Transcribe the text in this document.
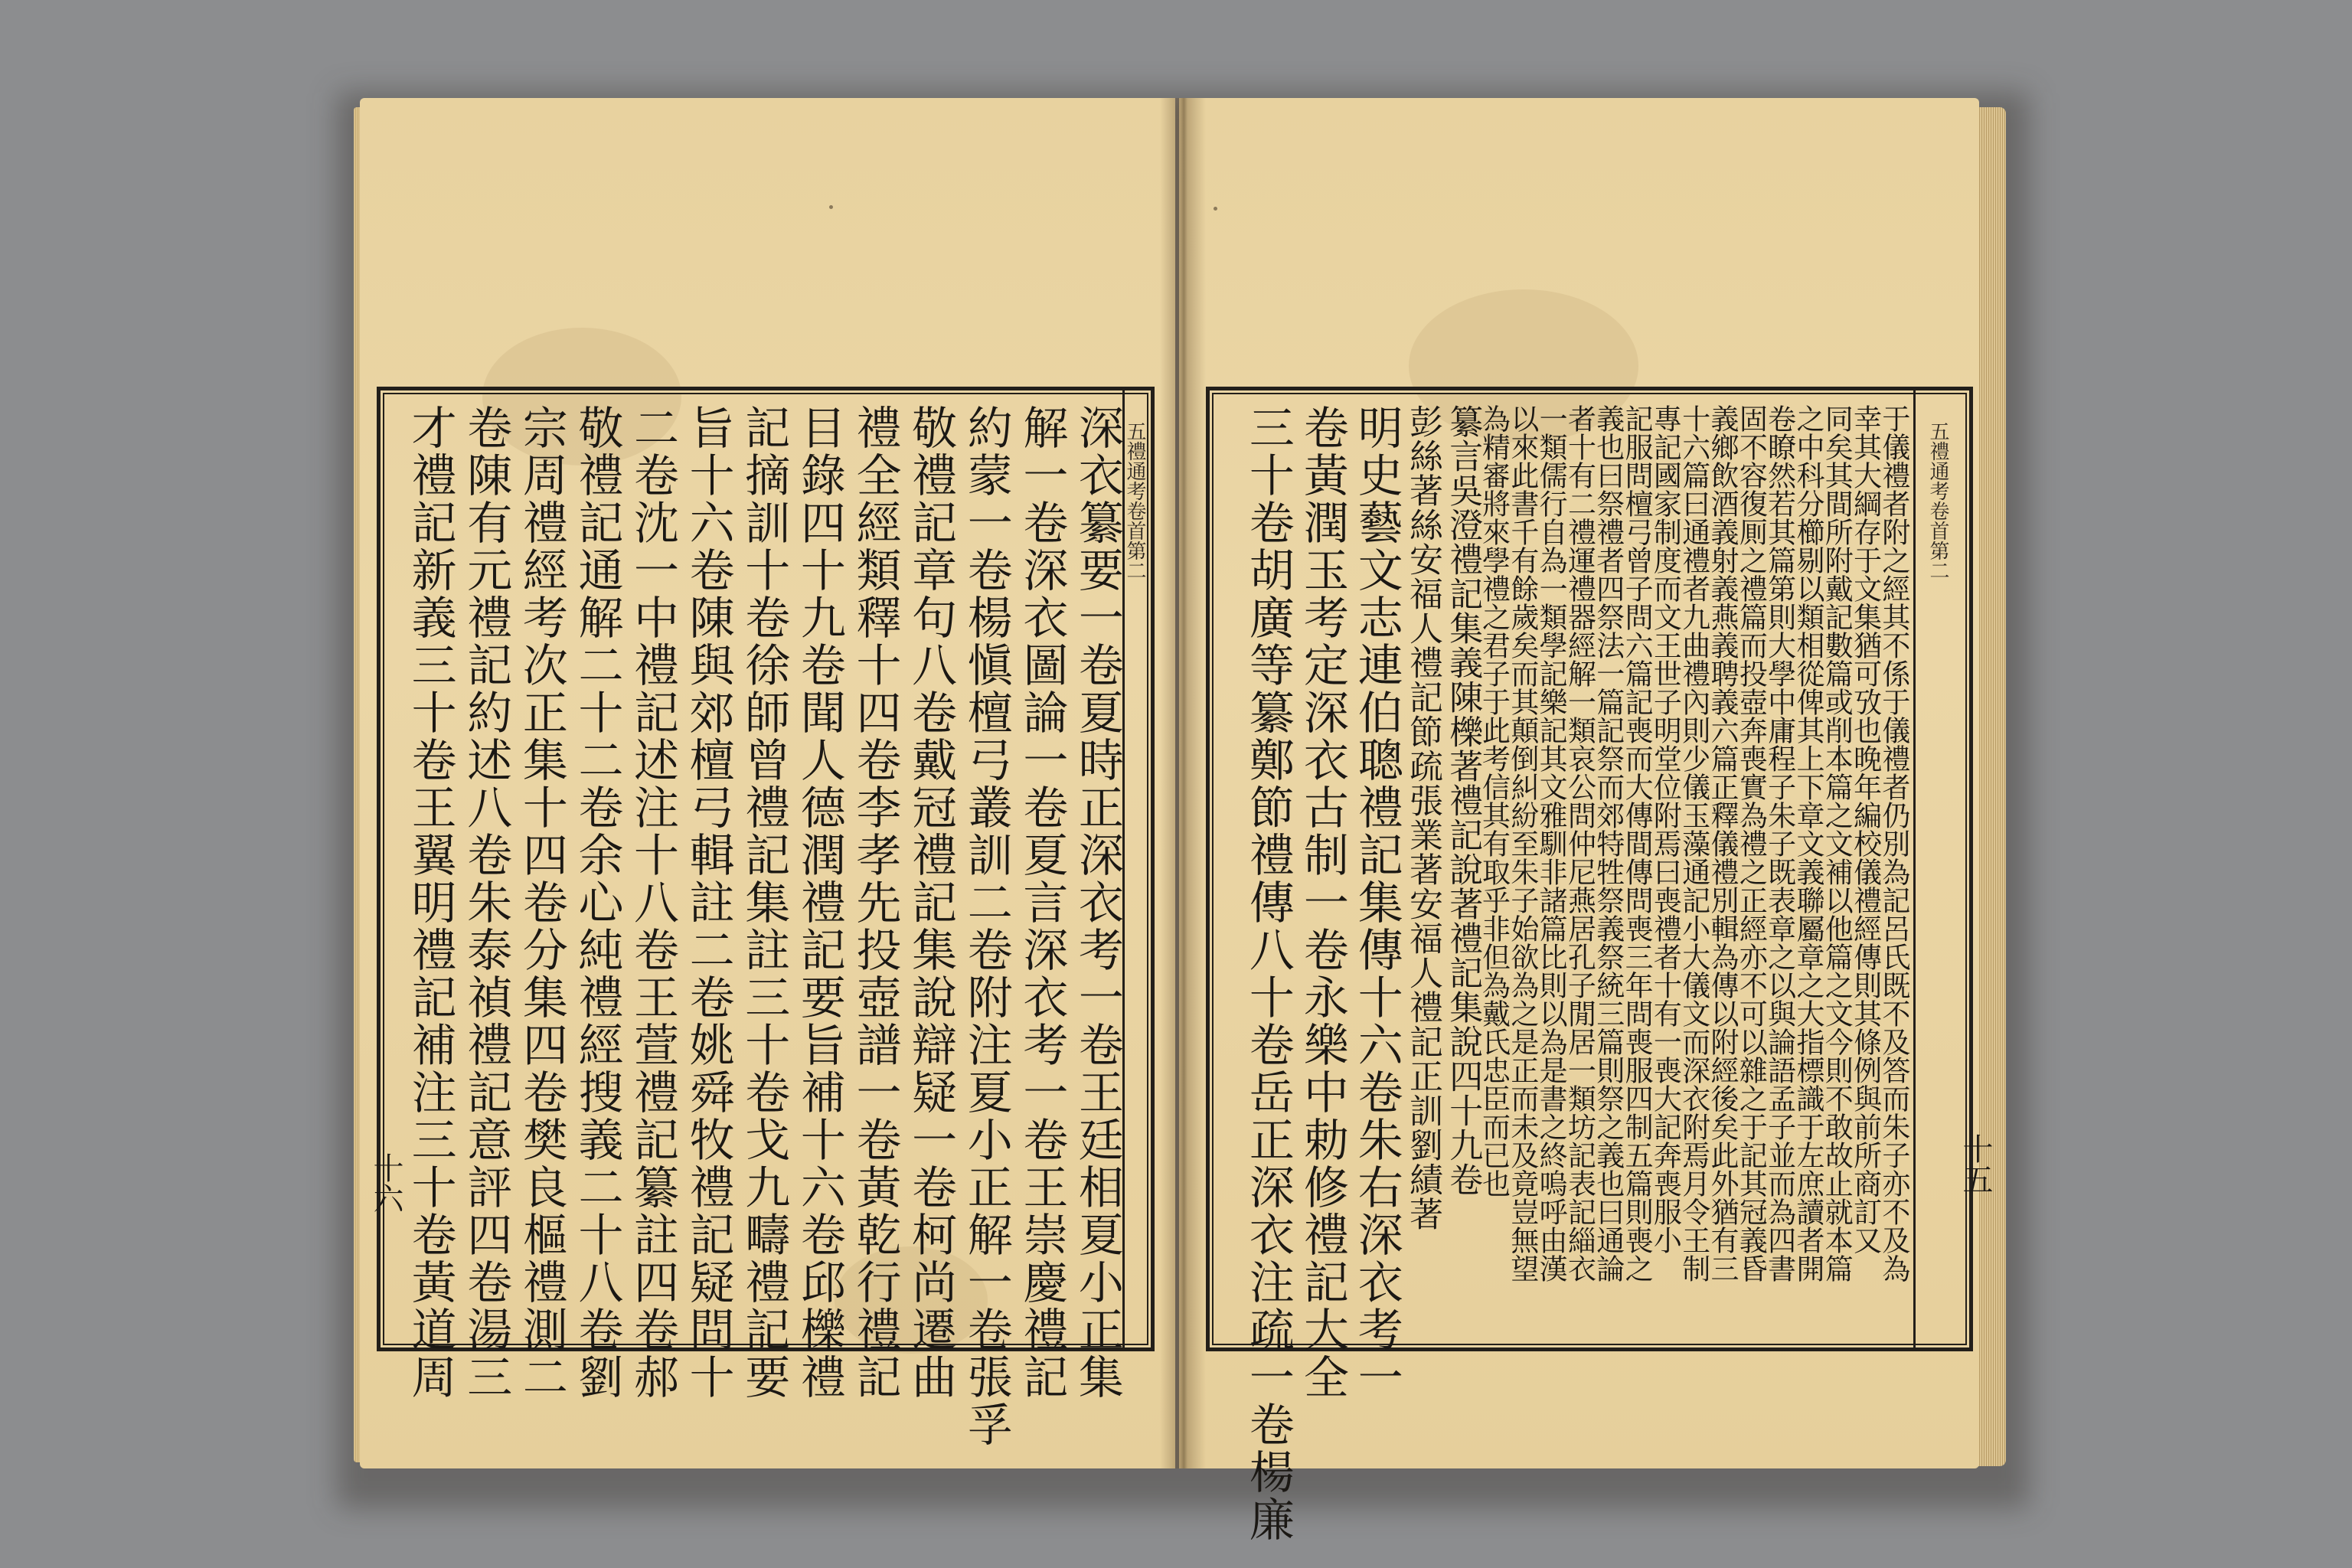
深衣纂要一卷夏時正深衣考一卷王廷相夏小正集
解一卷深衣圖論一卷夏言深衣考一卷王崇慶禮記
約蒙一卷楊愼檀弓叢訓二卷附注夏小正解一卷張孚
敬禮記章句八卷戴冠禮記集說辯疑一卷柯尚遷曲
禮全經類釋十四卷李孝先投壺譜一卷黃乾行禮記
目錄四十九卷聞人德潤禮記要旨補十六卷邱櫟禮
記摘訓十卷徐師曾禮記集註三十卷戈九疇禮記要
旨十六卷陳與郊檀弓輯註二卷姚舜牧禮記疑問十
二卷沈一中禮記述注十八卷王萱禮記纂註四卷郝
敬禮記通解二十二卷余心純禮經搜義二十八卷劉
宗周禮經考次正集十四卷分集四卷樊良樞禮測二
卷陳有元禮記約述八卷朱泰禎禮記意評四卷湯三
才禮記新義三十卷王翼明禮記補注三十卷黃道周	五禮通考卷首第二
十六	于儀禮者附之經其不係于儀禮者仍別為記呂氏既不及答而朱子亦不及為
幸其大綱存于文集猶可攷也晚年編校儀禮經傳則其條例與前所商訂又
同矣其間所附戴記數篇或削本篇之文補以他篇之文今則不敢故止就本篇
之中科分櫛剔以類相從俾其上下章文義聯屬章之大指標識于左庶讀者開
卷瞭然若其篇第則大學中庸程子朱子既表章之以與論語孟子並而為四書
固不容復厠之禮篇而投壺奔喪實為禮之正經亦不可以雜之于記其冠義昏
義鄉飲酒義射義燕義聘義六篇正釋儀禮別輯為傳以附經後矣此外猶有三
十六篇曰通禮者九曲禮內則少儀玉藻通記小大儀文而深衣附焉月令王制
專記國家制度而文王世子明堂位附焉曰喪禮者十有一喪大記奔喪服小
記服問檀弓曾子問六篇記喪而大傳間傳問喪三年問喪服四制五篇則喪之
義也曰祭禮者四祭法一篇記祭而郊特牲祭義祭統三篇則祭之義也曰通論
者十有二禮運禮器經解一類哀公問仲尼燕居孔子閒居一類坊記表記緇衣
一類儒行自為一類學記樂記其文雅馴非諸篇比則以為是書之終嗚呼由漢
以來此書千有餘歲矣而其顛倒糾紛至朱子始欲為之是正而未及竟豈無望
為精審將來學禮之君子于此考信其有取乎非但為戴氏忠臣而已也
纂言吳澄禮記集義陳櫟著禮記說著禮記集說四十九卷
彭絲著絲安福人禮記節疏張業著安福人禮記正訓劉績著
明史藝文志連伯聰禮記集傳十六卷朱右深衣考一
卷黃潤玉考定深衣古制一卷永樂中勅修禮記大全
三十卷胡廣等纂鄭節禮傳八十卷岳正深衣注疏一卷楊廉	五禮通考卷首第二
十五
